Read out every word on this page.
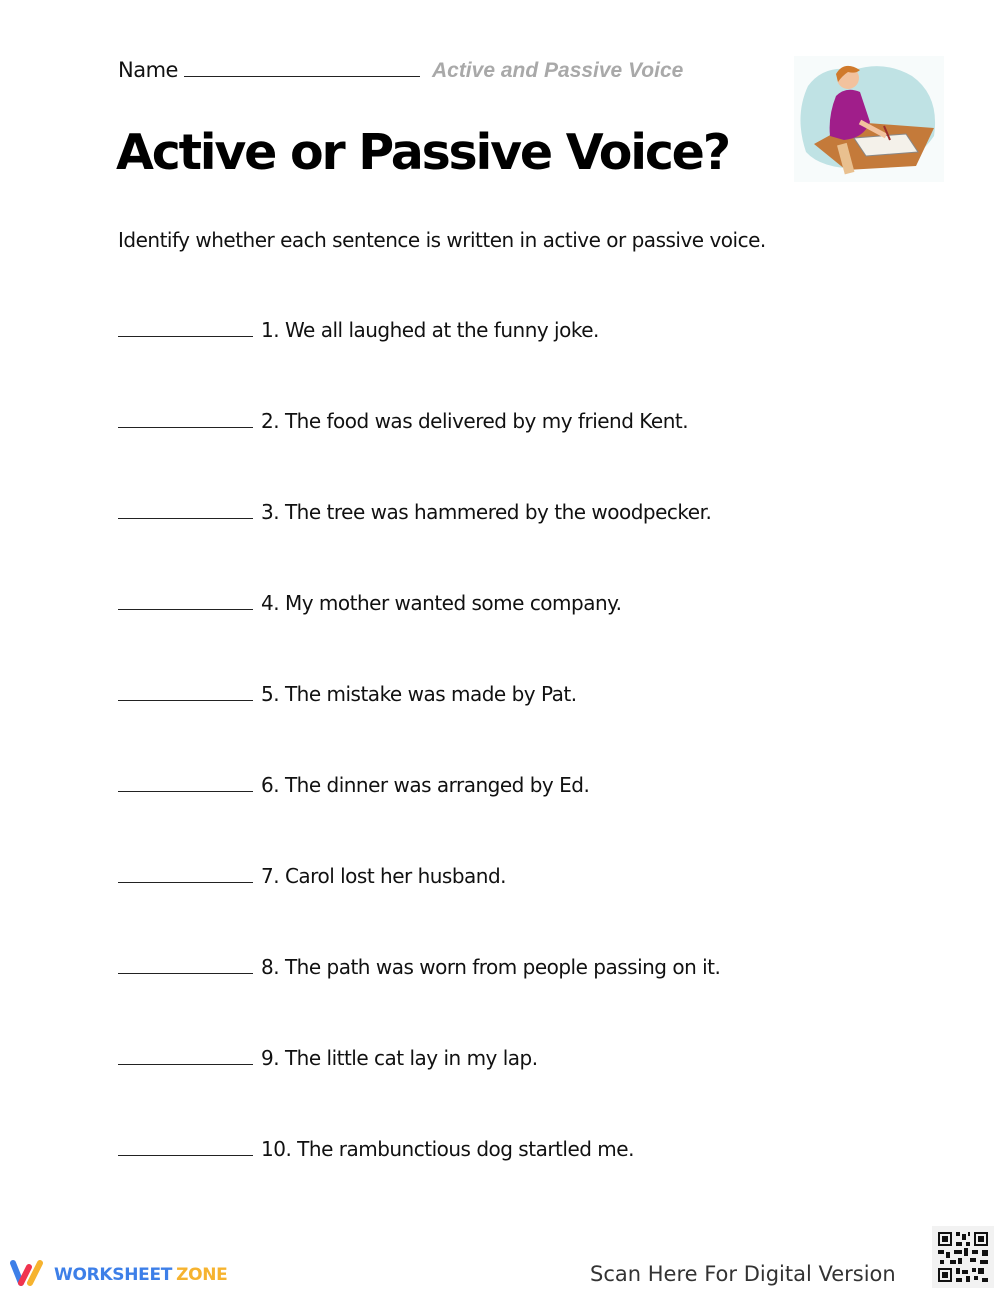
Name	Active and Passive Voice
Active or Passive Voice?
Identify whether each sentence is written in active or passive voice.
1.
We all laughed at the funny joke.
2.
The food was delivered by my friend Kent.
3.
The tree was hammered by the woodpecker.
4.
My mother wanted some company.
5.
The mistake was made by Pat.
6.
The dinner was arranged by Ed.
7.
Carol lost her husband.
8.
The path was worn from people passing on it.
9.
The little cat lay in my lap.
10.
The rambunctious dog startled me.
WORKSHEET ZONE	Scan Here For Digital Version
